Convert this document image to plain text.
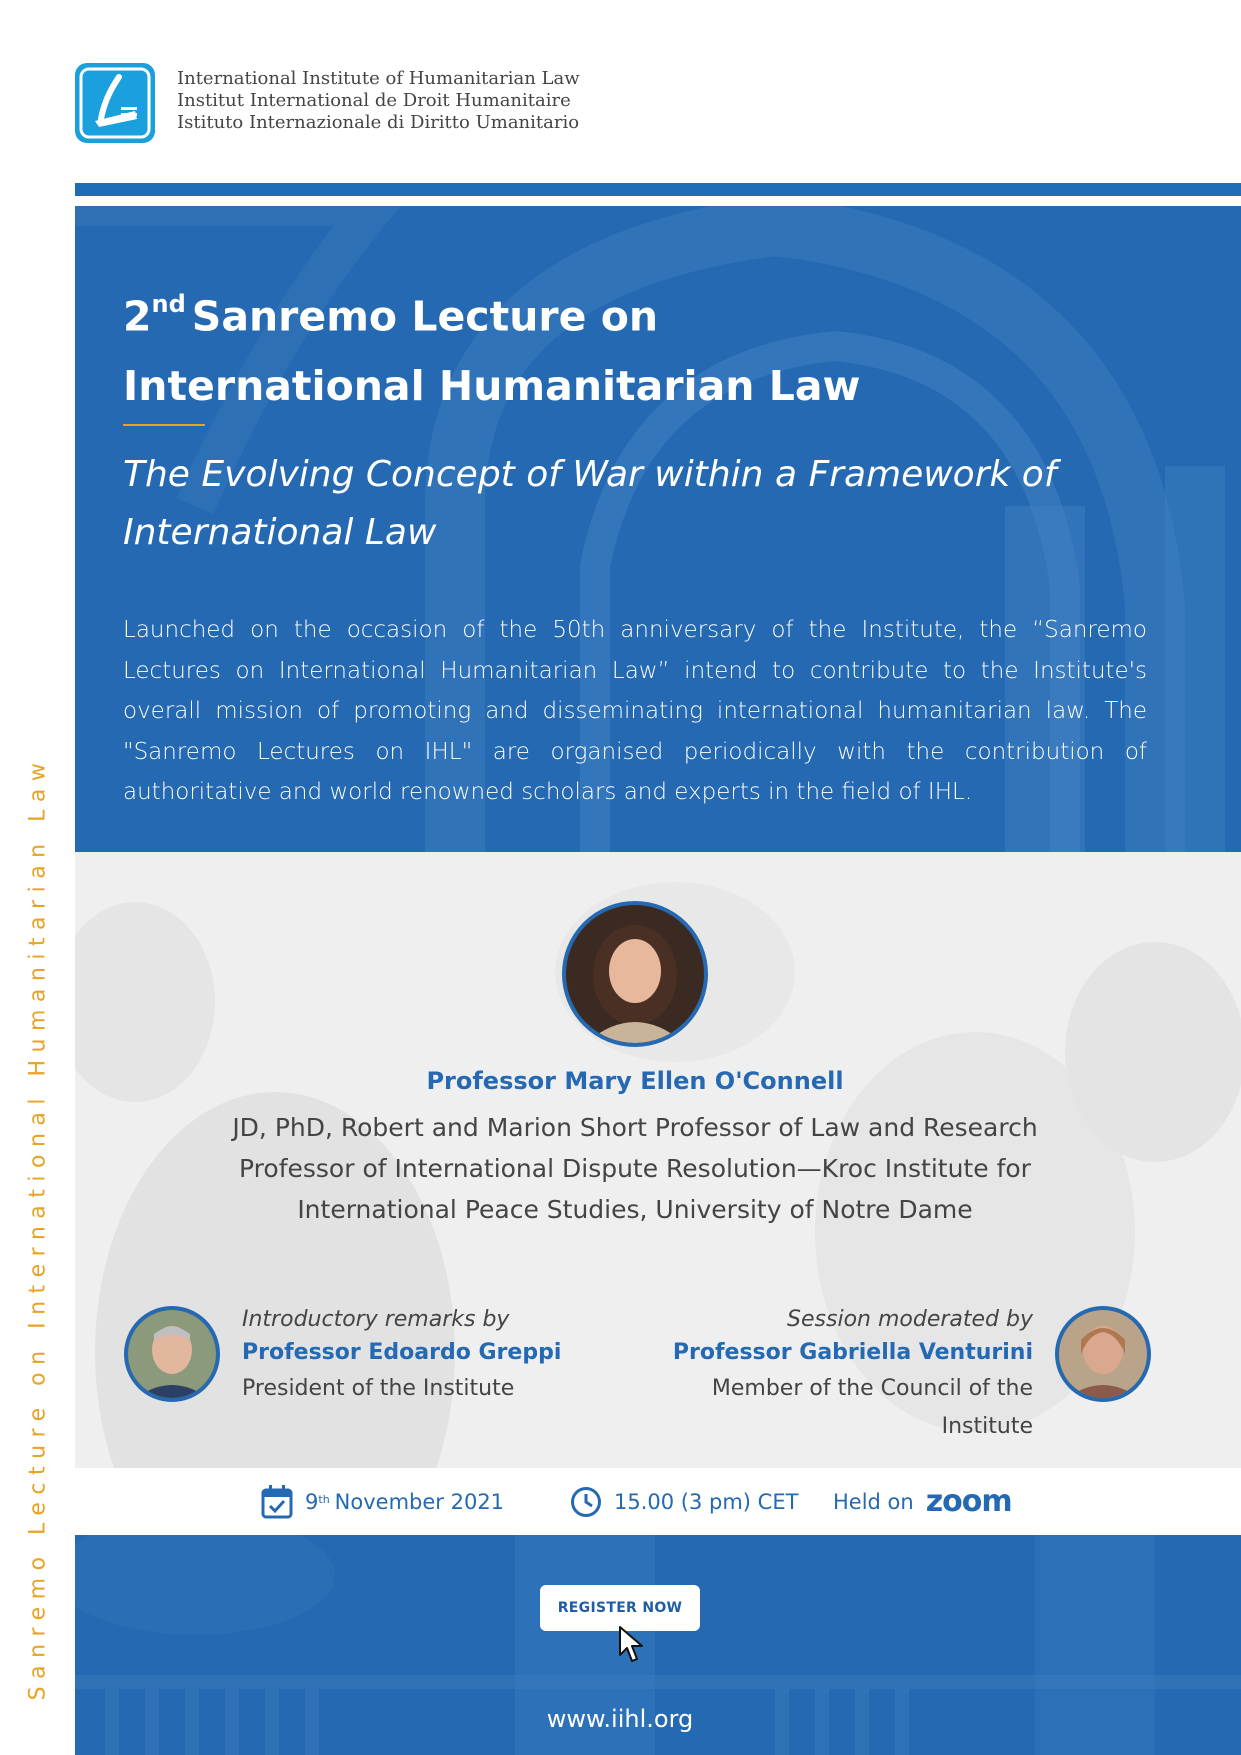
International Institute of Humanitarian Law
Institut International de Droit Humanitaire
Istituto Internazionale di Diritto Umanitario
Sanremo Lecture on International Humanitarian Law
2nd Sanremo Lecture on
International Humanitarian Law
The Evolving Concept of War within a Framework of
International Law
Launched on the occasion of the 50th anniversary of the Institute, the “Sanremo Lectures on International Humanitarian Law” intend to contribute to the Institute's overall mission of promoting and disseminating international humanitarian law. The "Sanremo Lectures on IHL" are organised periodically with the contribution of authoritative and world renowned scholars and experts in the field of IHL.
Professor Mary Ellen O'Connell
JD, PhD, Robert and Marion Short Professor of Law and Research
Professor of International Dispute Resolution—Kroc Institute for
International Peace Studies, University of Notre Dame
Introductory remarks by
Professor Edoardo Greppi
President of the Institute
Session moderated by
Professor Gabriella Venturini
Member of the Council of the Institute
9th November 2021	15.00 (3 pm) CET Held on zoom
REGISTER NOW
www.iihl.org
